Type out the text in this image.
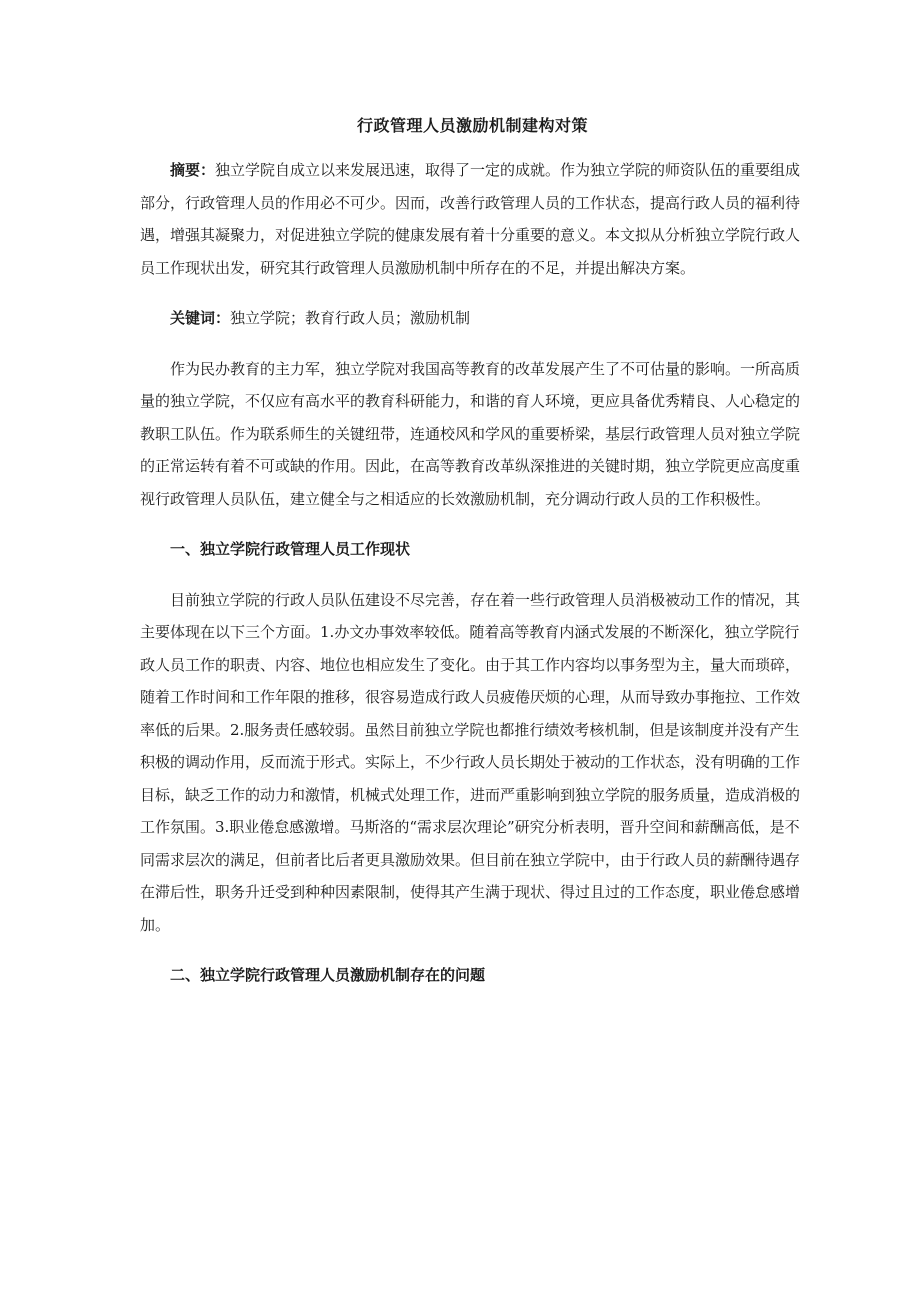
行政管理人员激励机制建构对策

摘要：独立学院自成立以来发展迅速，取得了一定的成就。作为独立学院的师资队伍的重要组成部分，行政管理人员的作用必不可少。因而，改善行政管理人员的工作状态，提高行政人员的福利待遇，增强其凝聚力，对促进独立学院的健康发展有着十分重要的意义。本文拟从分析独立学院行政人员工作现状出发，研究其行政管理人员激励机制中所存在的不足，并提出解决方案。

关键词：独立学院；教育行政人员；激励机制

作为民办教育的主力军，独立学院对我国高等教育的改革发展产生了不可估量的影响。一所高质量的独立学院，不仅应有高水平的教育科研能力，和谐的育人环境，更应具备优秀精良、人心稳定的教职工队伍。作为联系师生的关键纽带，连通校风和学风的重要桥梁，基层行政管理人员对独立学院的正常运转有着不可或缺的作用。因此，在高等教育改革纵深推进的关键时期，独立学院更应高度重视行政管理人员队伍，建立健全与之相适应的长效激励机制，充分调动行政人员的工作积极性。

一、独立学院行政管理人员工作现状

目前独立学院的行政人员队伍建设不尽完善，存在着一些行政管理人员消极被动工作的情况，其主要体现在以下三个方面。1.办文办事效率较低。随着高等教育内涵式发展的不断深化，独立学院行政人员工作的职责、内容、地位也相应发生了变化。由于其工作内容均以事务型为主，量大而琐碎，随着工作时间和工作年限的推移，很容易造成行政人员疲倦厌烦的心理，从而导致办事拖拉、工作效率低的后果。2.服务责任感较弱。虽然目前独立学院也都推行绩效考核机制，但是该制度并没有产生积极的调动作用，反而流于形式。实际上，不少行政人员长期处于被动的工作状态，没有明确的工作目标，缺乏工作的动力和激情，机械式处理工作，进而严重影响到独立学院的服务质量，造成消极的工作氛围。3.职业倦怠感激增。马斯洛的“需求层次理论”研究分析表明，晋升空间和薪酬高低，是不同需求层次的满足，但前者比后者更具激励效果。但目前在独立学院中，由于行政人员的薪酬待遇存在滞后性，职务升迁受到种种因素限制，使得其产生满于现状、得过且过的工作态度，职业倦怠感增加。

二、独立学院行政管理人员激励机制存在的问题
